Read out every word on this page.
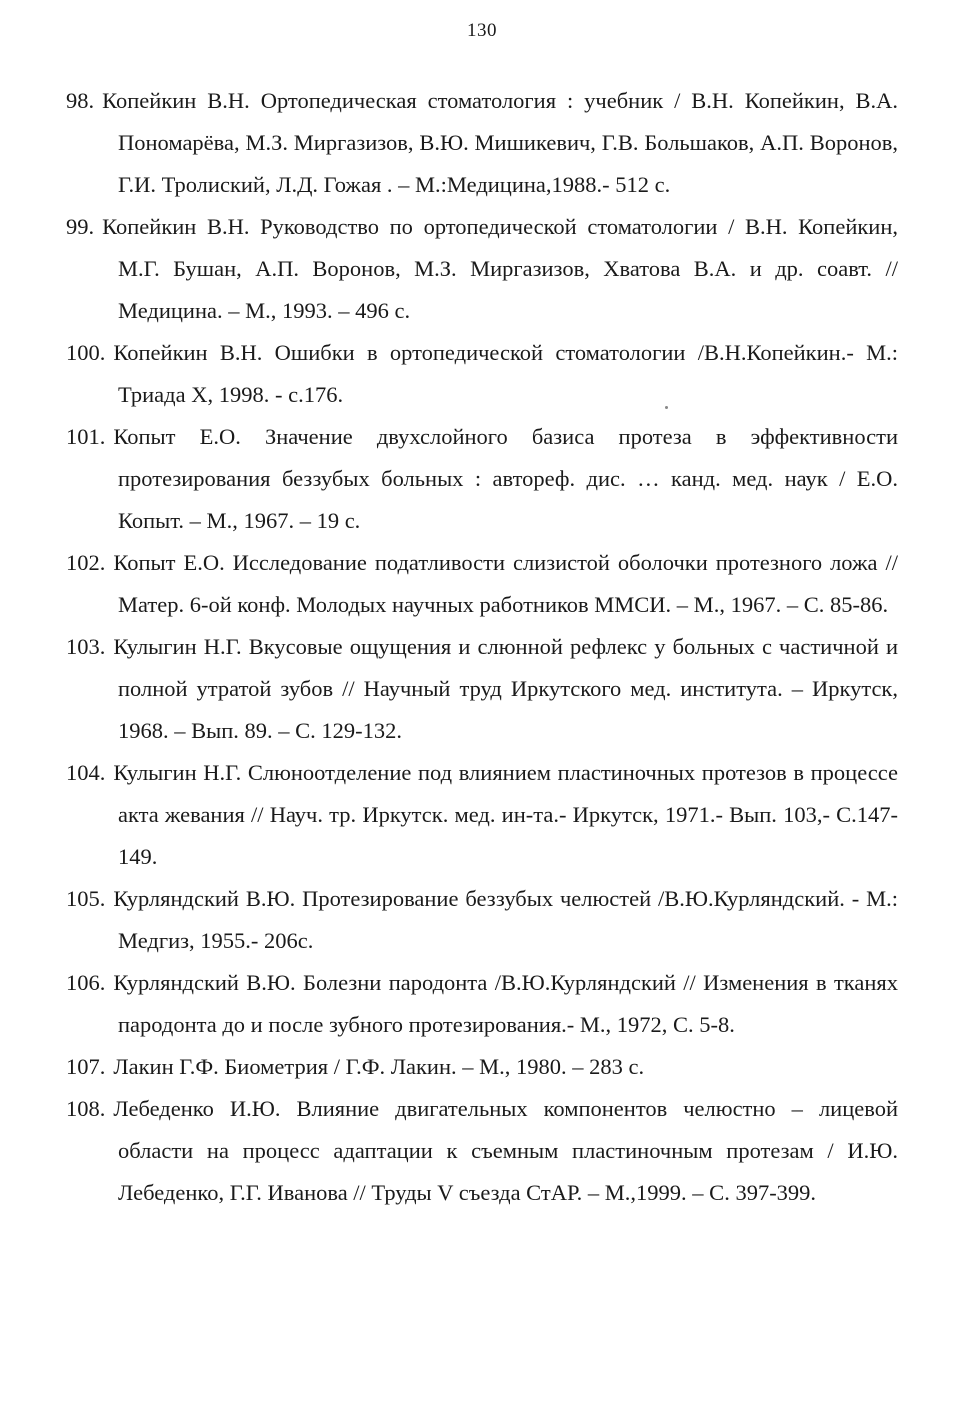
130
98. Копейкин В.Н. Ортопедическая стоматология : учебник / В.Н. Копейкин, В.А. Пономарёва, М.З. Миргазизов, В.Ю. Мишикевич, Г.В. Большаков, А.П. Воронов, Г.И. Тролиский, Л.Д. Гожая . – М.:Медицина,1988.- 512 с.
99. Копейкин В.Н. Руководство по ортопедической стоматологии / В.Н. Копейкин, М.Г. Бушан, А.П. Воронов, М.З. Миргазизов, Хватова В.А. и др. соавт. // Медицина. – М., 1993. – 496 с.
100. Копейкин В.Н. Ошибки в ортопедической стоматологии /В.Н.Копейкин.- М.: Триада Х, 1998. - с.176.
101. Копыт Е.О. Значение двухслойного базиса протеза в эффективности протезирования беззубых больных : автореф. дис. … канд. мед. наук / Е.О. Копыт. – М., 1967. – 19 с.
102. Копыт Е.О. Исследование податливости слизистой оболочки протезного ложа // Матер. 6-ой конф. Молодых научных работников ММСИ. – М., 1967. – С. 85-86.
103. Кулыгин Н.Г. Вкусовые ощущения и слюнной рефлекс у больных с частичной и полной утратой зубов // Научный труд Иркутского мед. института. – Иркутск, 1968. – Вып. 89. – С. 129-132.
104. Кулыгин Н.Г. Слюноотделение под влиянием пластиночных протезов в процессе акта жевания // Науч. тр. Иркутск. мед. ин-та.- Иркутск, 1971.- Вып. 103,- С.147-149.
105. Курляндский В.Ю. Протезирование беззубых челюстей /В.Ю.Курляндский. - М.: Медгиз, 1955.- 206с.
106. Курляндский В.Ю. Болезни пародонта /В.Ю.Курляндский // Изменения в тканях пародонта до и после зубного протезирования.- М., 1972, С. 5-8.
107. Лакин Г.Ф. Биометрия / Г.Ф. Лакин. – М., 1980. – 283 с.
108. Лебеденко И.Ю. Влияние двигательных компонентов челюстно – лицевой области на процесс адаптации к съемным пластиночным протезам / И.Ю. Лебеденко, Г.Г. Иванова // Труды V съезда СтАР. – М.,1999. – С. 397-399.
